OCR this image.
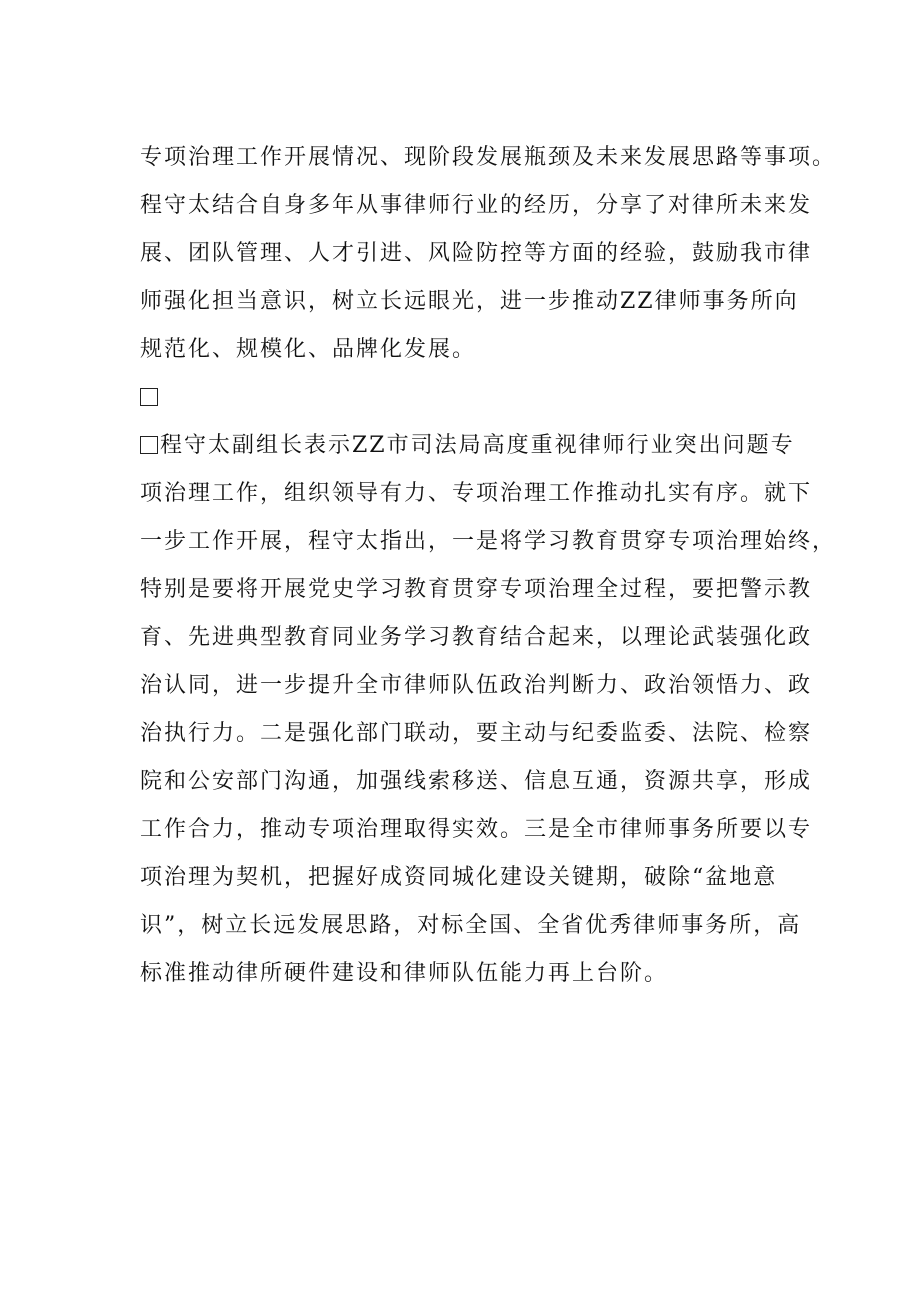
专项治理工作开展情况、现阶段发展瓶颈及未来发展思路等事项。
程守太结合自身多年从事律师行业的经历，分享了对律所未来发
展、团队管理、人才引进、风险防控等方面的经验，鼓励我市律
师强化担当意识，树立长远眼光，进一步推动ZZ律师事务所向
规范化、规模化、品牌化发展。
程守太副组长表示ZZ市司法局高度重视律师行业突出问题专
项治理工作，组织领导有力、专项治理工作推动扎实有序。就下
一步工作开展，程守太指出，一是将学习教育贯穿专项治理始终，
特别是要将开展党史学习教育贯穿专项治理全过程，要把警示教
育、先进典型教育同业务学习教育结合起来，以理论武装强化政
治认同，进一步提升全市律师队伍政治判断力、政治领悟力、政
治执行力。二是强化部门联动，要主动与纪委监委、法院、检察
院和公安部门沟通，加强线索移送、信息互通，资源共享，形成
工作合力，推动专项治理取得实效。三是全市律师事务所要以专
项治理为契机，把握好成资同城化建设关键期，破除“盆地意
识”，树立长远发展思路，对标全国、全省优秀律师事务所，高
标准推动律所硬件建设和律师队伍能力再上台阶。
